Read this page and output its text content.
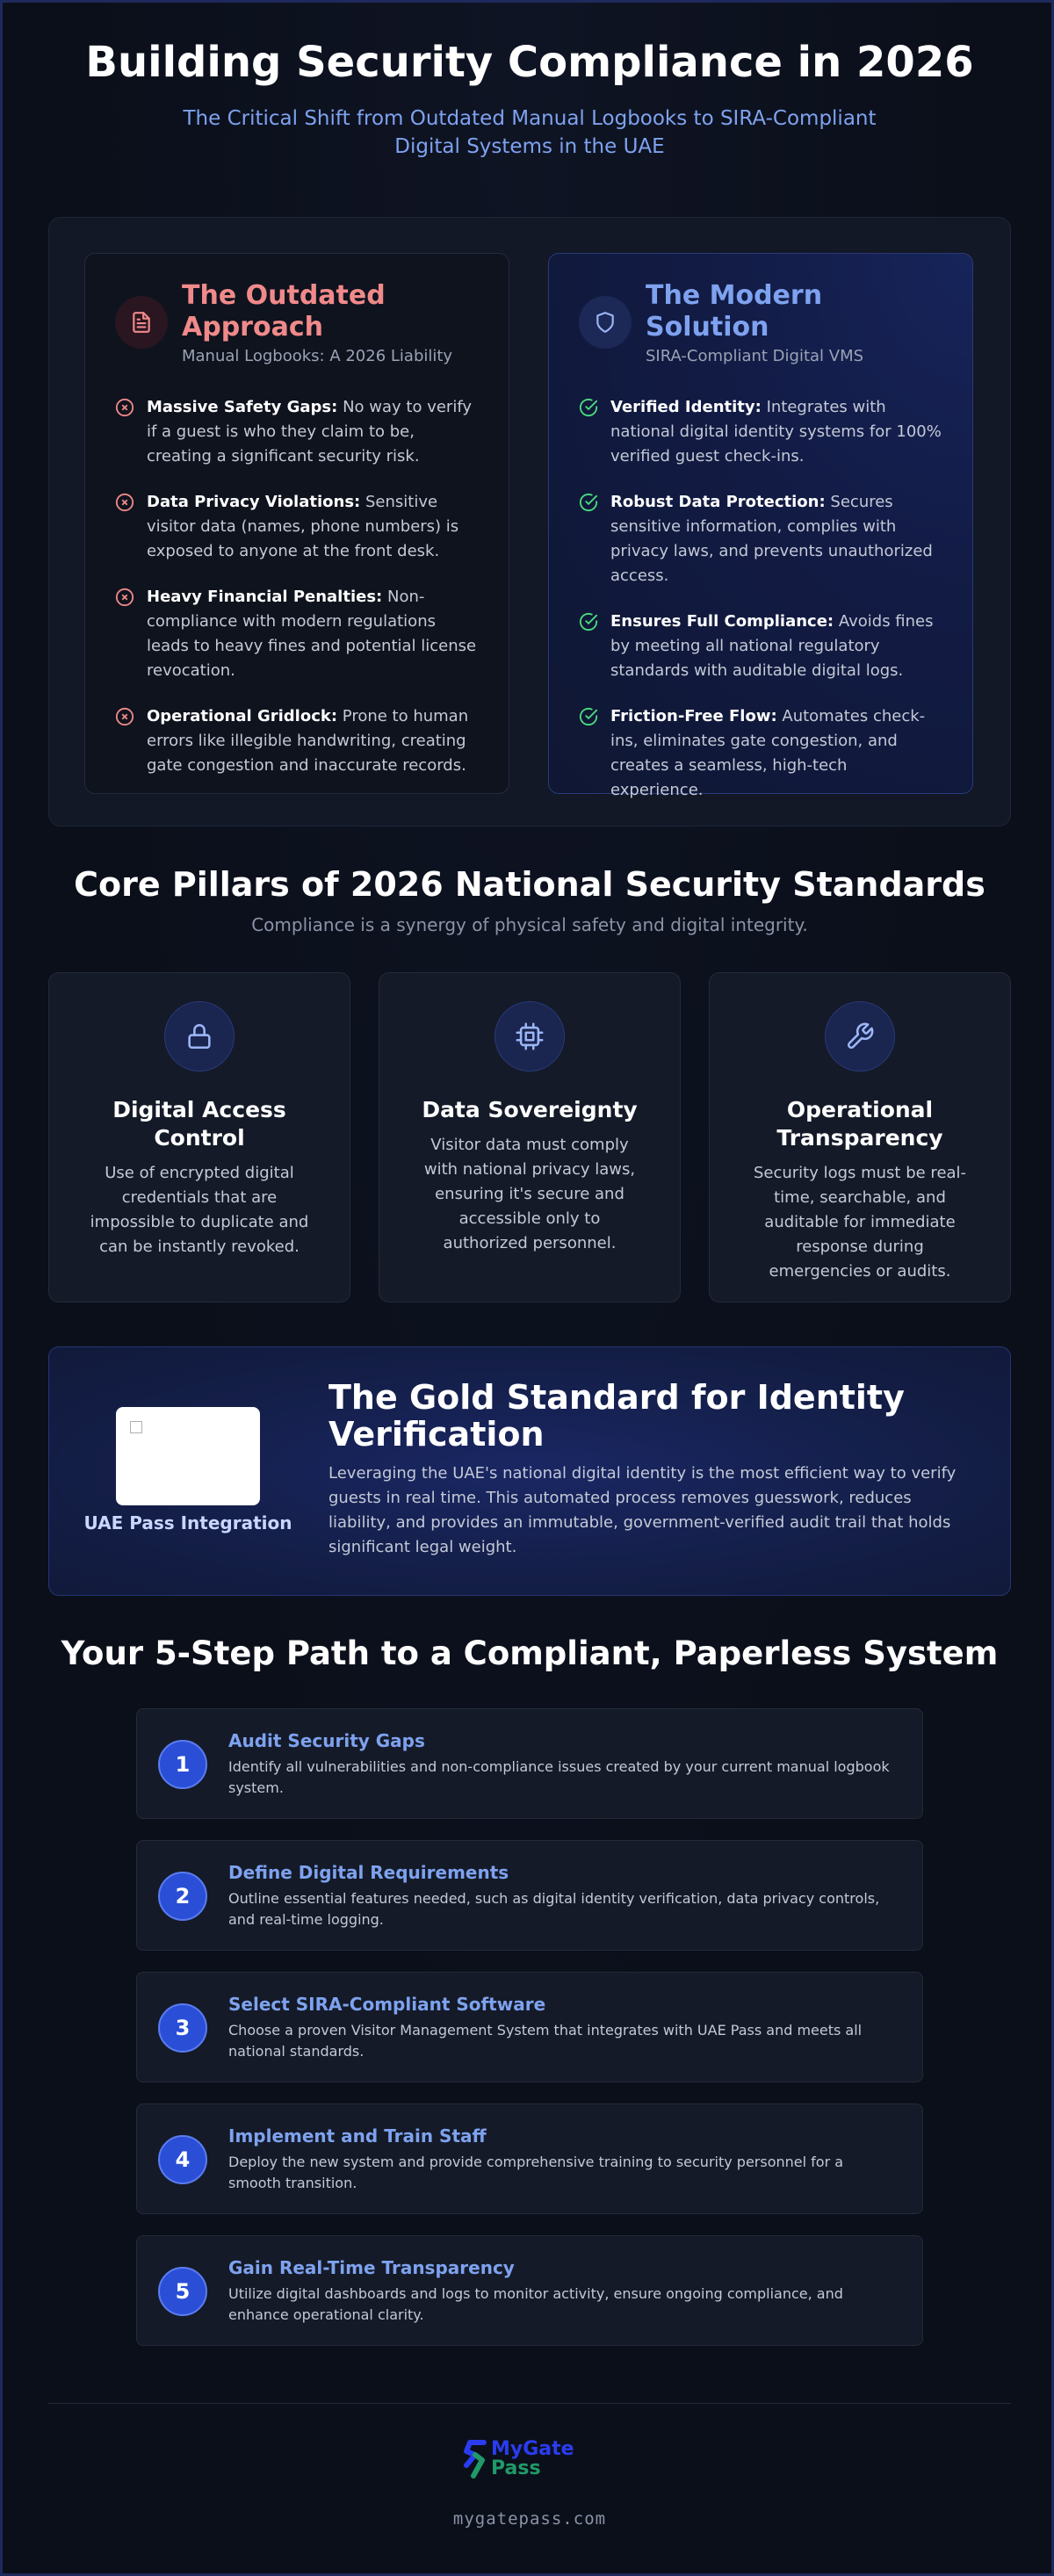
Building Security Compliance in 2026
The Critical Shift from Outdated Manual Logbooks to SIRA-Compliant Digital Systems in the UAE
The Outdated Approach
Manual Logbooks: A 2026 Liability
Massive Safety Gaps: No way to verify if a guest is who they claim to be, creating a significant security risk.
Data Privacy Violations: Sensitive visitor data (names, phone numbers) is exposed to anyone at the front desk.
Heavy Financial Penalties: Non-compliance with modern regulations leads to heavy fines and potential license revocation.
Operational Gridlock: Prone to human errors like illegible handwriting, creating gate congestion and inaccurate records.
The Modern Solution
SIRA-Compliant Digital VMS
Verified Identity: Integrates with national digital identity systems for 100% verified guest check-ins.
Robust Data Protection: Secures sensitive information, complies with privacy laws, and prevents unauthorized access.
Ensures Full Compliance: Avoids fines by meeting all national regulatory standards with auditable digital logs.
Friction-Free Flow: Automates check-ins, eliminates gate congestion, and creates a seamless, high-tech experience.
Core Pillars of 2026 National Security Standards
Compliance is a synergy of physical safety and digital integrity.
Digital Access Control

Use of encrypted digital credentials that are impossible to duplicate and can be instantly revoked.

Data Sovereignty

Visitor data must comply with national privacy laws, ensuring it's secure and accessible only to authorized personnel.

Operational Transparency

Security logs must be real-time, searchable, and auditable for immediate response during emergencies or audits.

UAE Pass Integration
The Gold Standard for Identity Verification
Leveraging the UAE's national digital identity is the most efficient way to verify guests in real time. This automated process removes guesswork, reduces liability, and provides an immutable, government-verified audit trail that holds significant legal weight.
Your 5-Step Path to a Compliant, Paperless System
1
Audit Security Gaps
Identify all vulnerabilities and non-compliance issues created by your current manual logbook system.
2
Define Digital Requirements
Outline essential features needed, such as digital identity verification, data privacy controls, and real-time logging.
3
Select SIRA-Compliant Software
Choose a proven Visitor Management System that integrates with UAE Pass and meets all national standards.
4
Implement and Train Staff
Deploy the new system and provide comprehensive training to security personnel for a smooth transition.
5
Gain Real-Time Transparency
Utilize digital dashboards and logs to monitor activity, ensure ongoing compliance, and enhance operational clarity.
MyGate
Pass
mygatepass.com
